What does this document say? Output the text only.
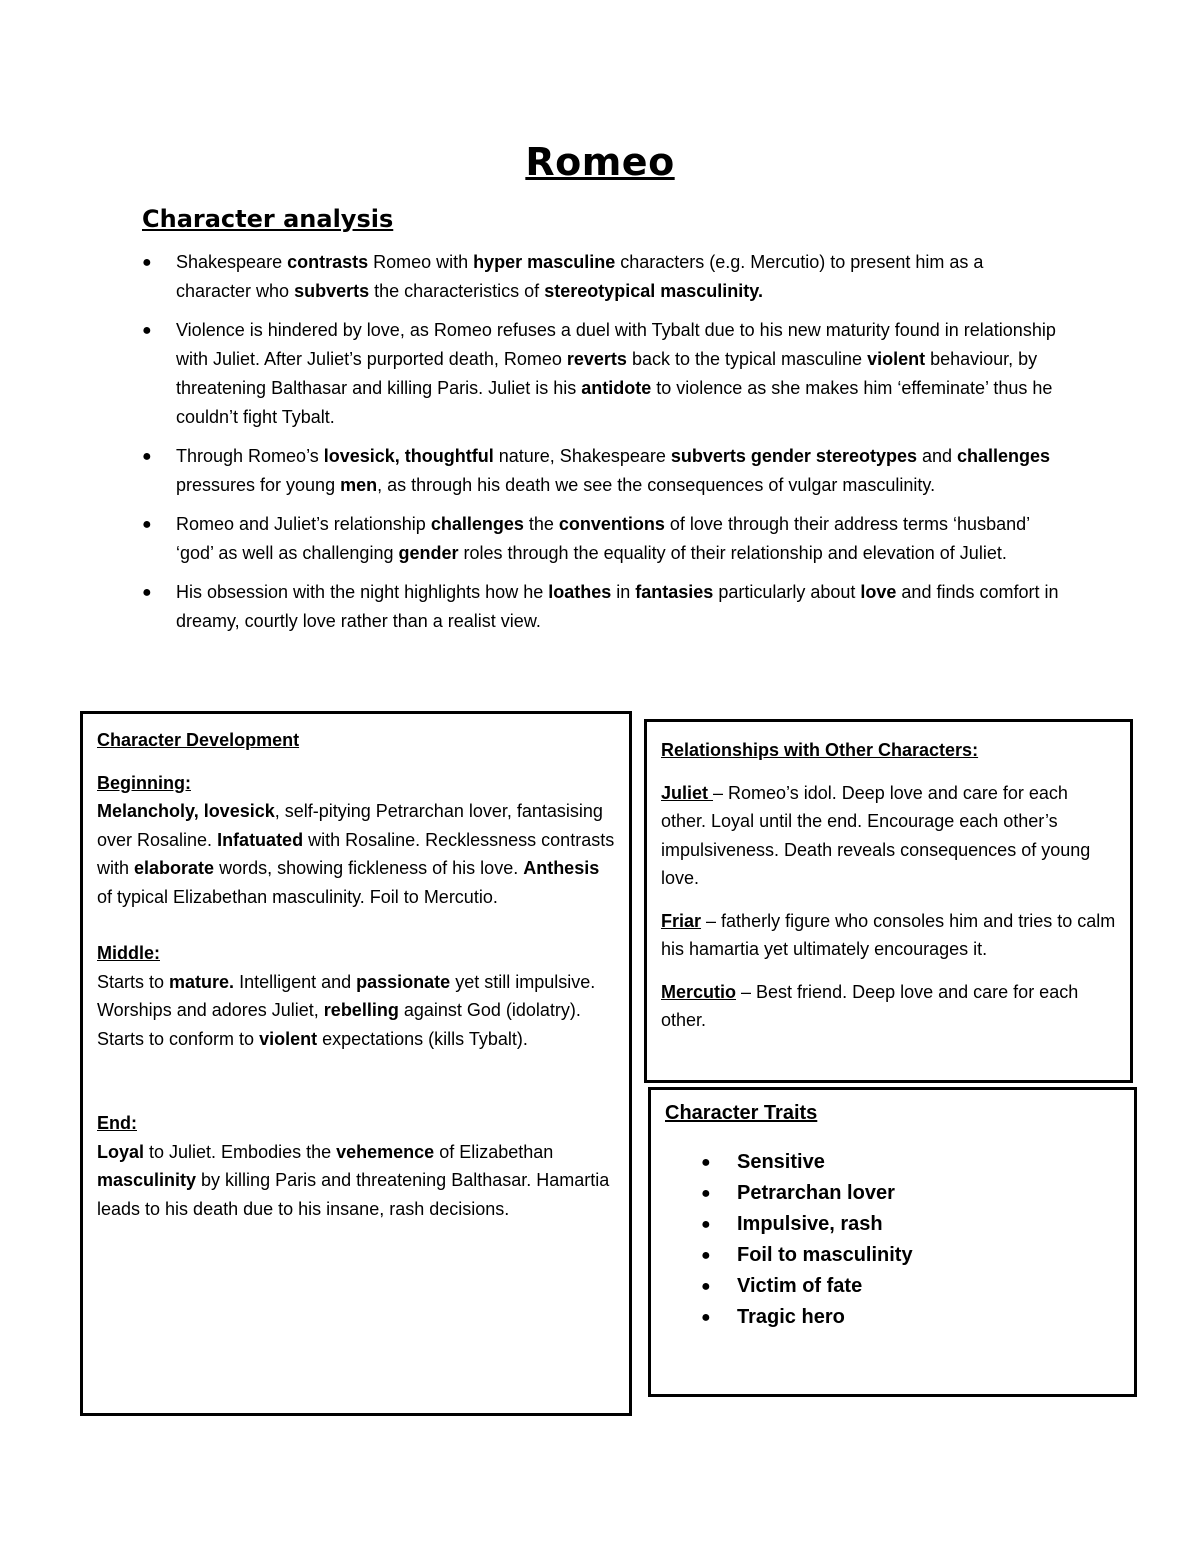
Romeo
Character analysis
● Shakespeare contrasts Romeo with hyper masculine characters (e.g. Mercutio) to present him as a character who subverts the characteristics of stereotypical masculinity.
● Violence is hindered by love, as Romeo refuses a duel with Tybalt due to his new maturity found in relationship with Juliet. After Juliet’s purported death, Romeo reverts back to the typical masculine violent behaviour, by threatening Balthasar and killing Paris. Juliet is his antidote to violence as she makes him ‘effeminate’ thus he couldn’t fight Tybalt.
● Through Romeo’s lovesick, thoughtful nature, Shakespeare subverts gender stereotypes and challenges pressures for young men, as through his death we see the consequences of vulgar masculinity.
● Romeo and Juliet’s relationship challenges the conventions of love through their address terms ‘husband’ ‘god’ as well as challenging gender roles through the equality of their relationship and elevation of Juliet.
● His obsession with the night highlights how he loathes in fantasies particularly about love and finds comfort in dreamy, courtly love rather than a realist view.
Character Development
Beginning:
Melancholy, lovesick, self-pitying Petrarchan lover, fantasising over Rosaline. Infatuated with Rosaline. Recklessness contrasts with elaborate words, showing fickleness of his love. Anthesis of typical Elizabethan masculinity. Foil to Mercutio.
Middle:
Starts to mature. Intelligent and passionate yet still impulsive. Worships and adores Juliet, rebelling against God (idolatry). Starts to conform to violent expectations (kills Tybalt).
End:
Loyal to Juliet. Embodies the vehemence of Elizabethan masculinity by killing Paris and threatening Balthasar. Hamartia leads to his death due to his insane, rash decisions.
Relationships with Other Characters:
Juliet – Romeo’s idol. Deep love and care for each other. Loyal until the end. Encourage each other’s impulsiveness. Death reveals consequences of young love.
Friar – fatherly figure who consoles him and tries to calm his hamartia yet ultimately encourages it.
Mercutio – Best friend. Deep love and care for each other.
Character Traits
● Sensitive
● Petrarchan lover
● Impulsive, rash
● Foil to masculinity
● Victim of fate
● Tragic hero
